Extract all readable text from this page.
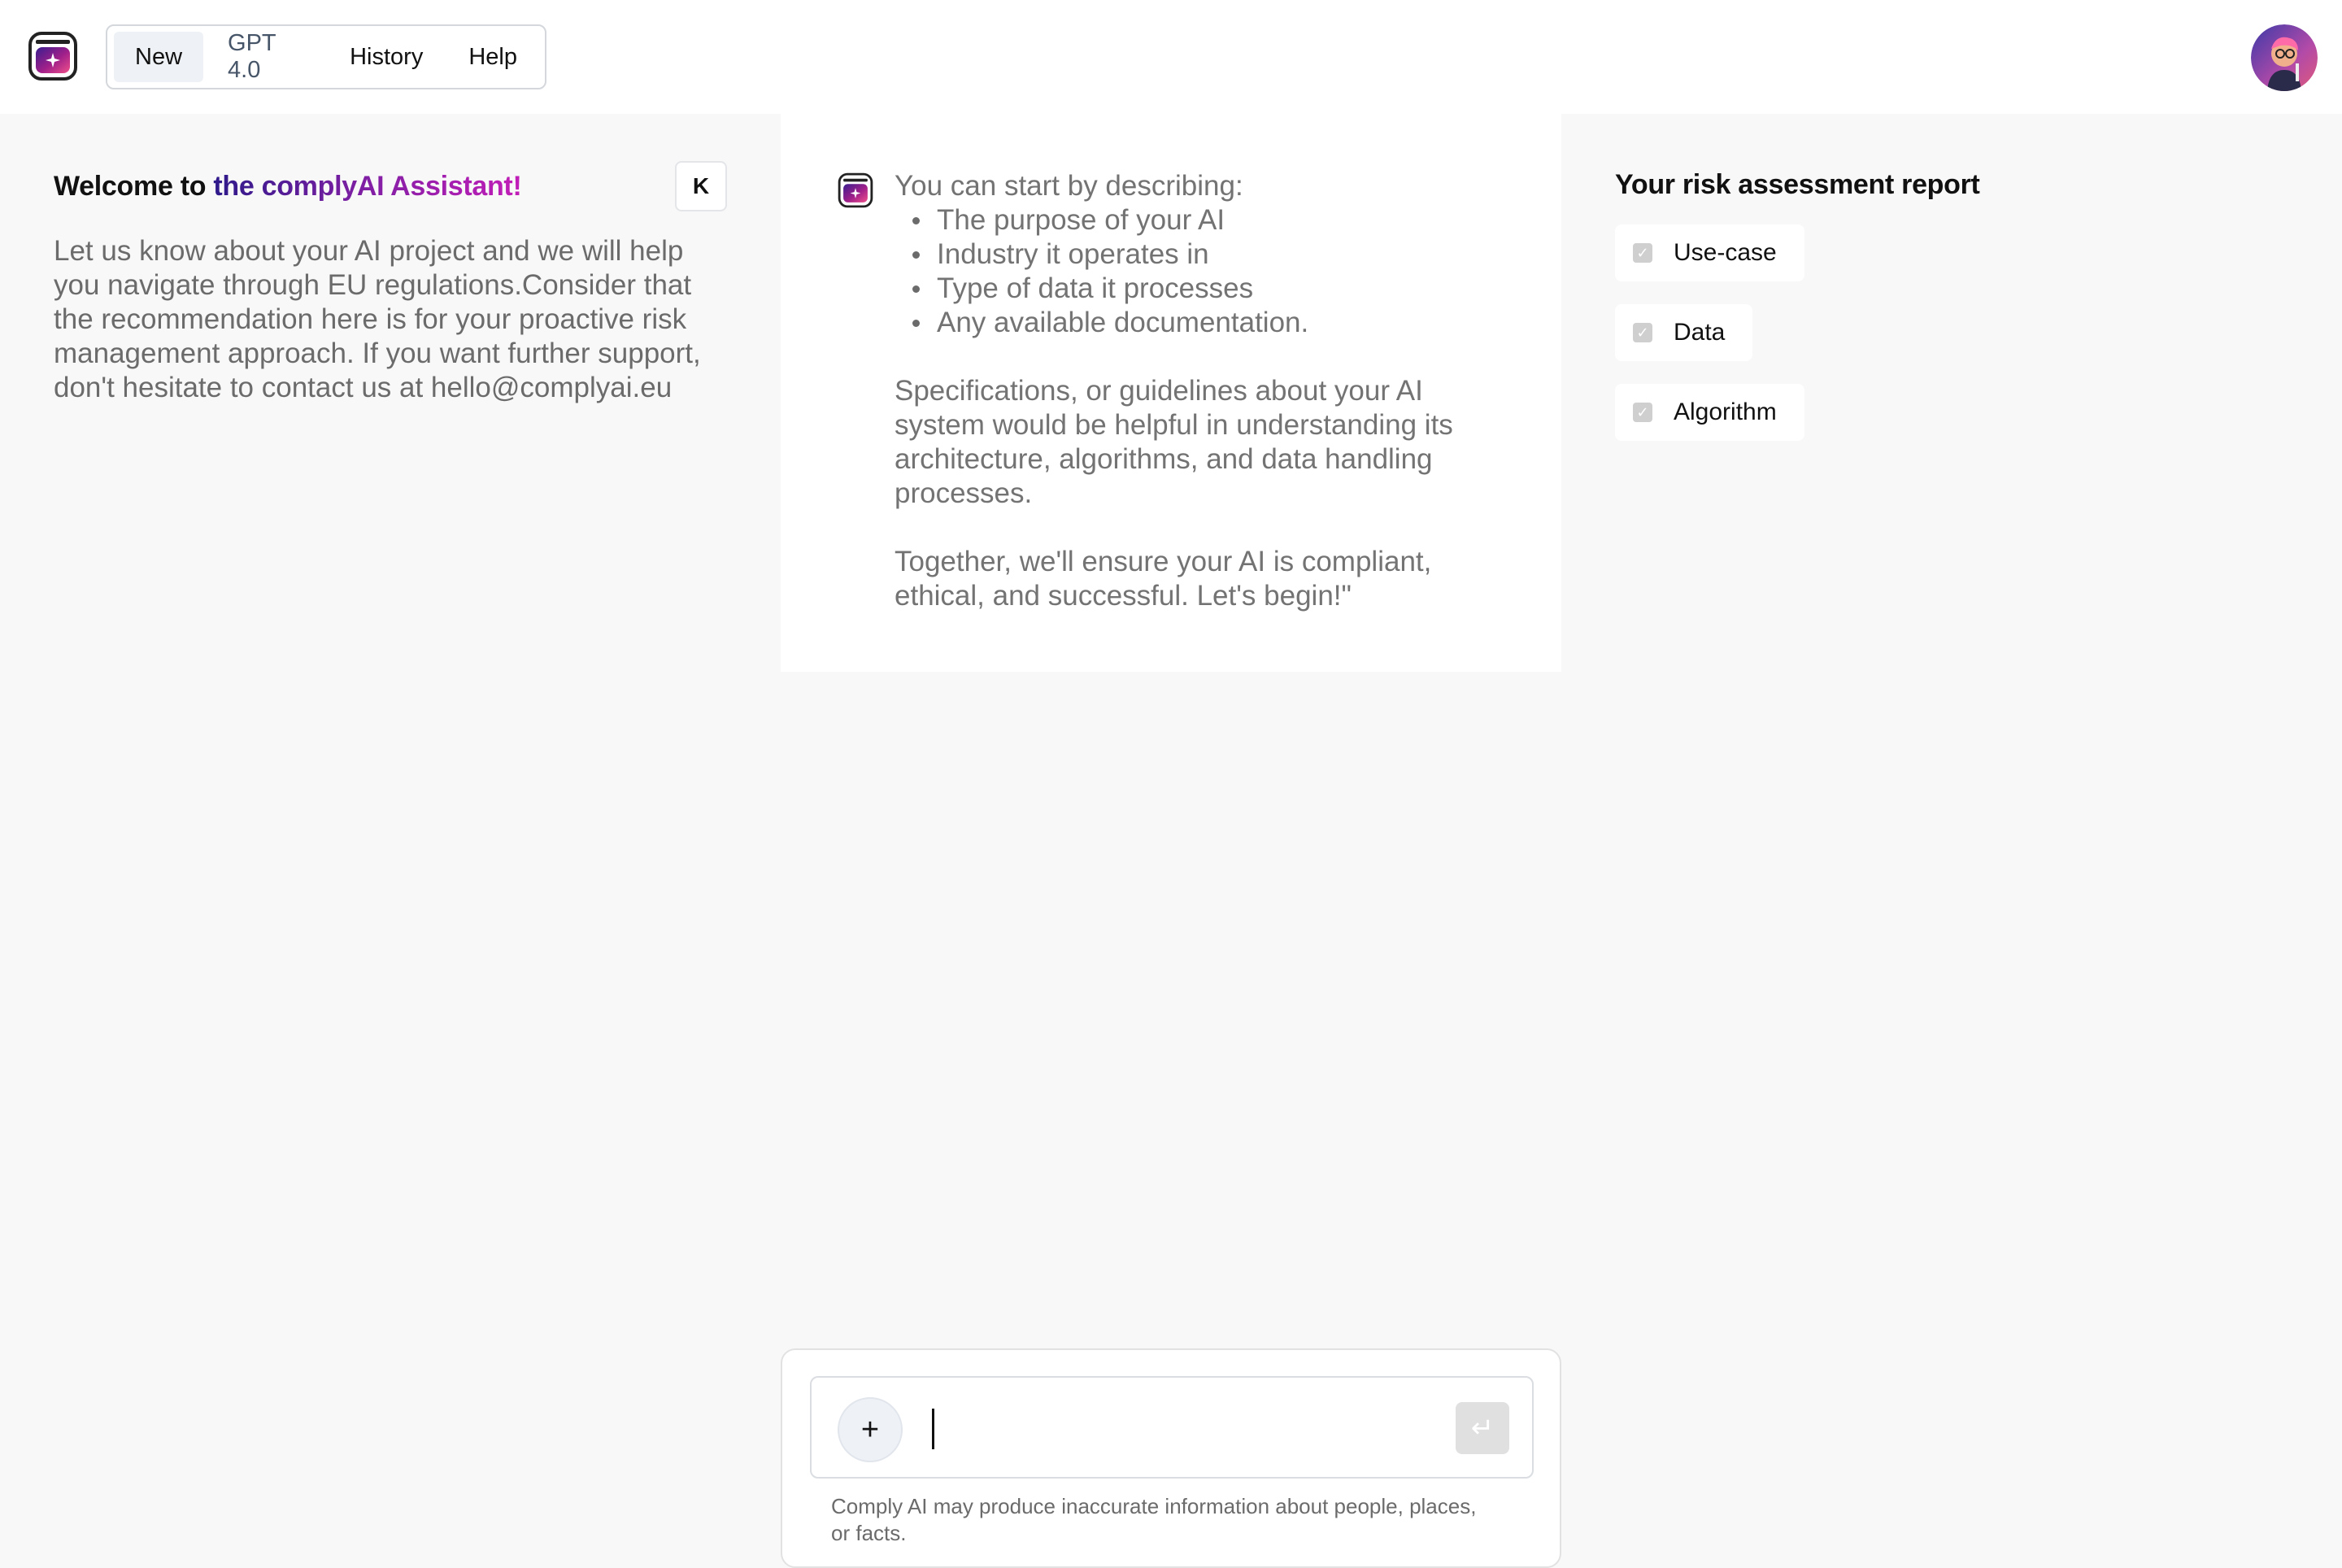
New
GPT 4.0
History	Help
Welcome to the complyAI Assistant!	K
Let us know about your AI project and we will help you navigate through EU regulations.Consider that the recommendation here is for your proactive risk management approach. If you want further support, don't hesitate to contact us at hello@complyai.eu
You can start by describing:
The purpose of your AI
Industry it operates in
Type of data it processes
Any available documentation.

Specifications, or guidelines about your AI system would be helpful in understanding its architecture, algorithms, and data handling processes.

Together, we'll ensure your AI is compliant, ethical, and successful. Let's begin!"

Your risk assessment report
✓ Use-case
✓ Data
✓ Algorithm
+	↵
Comply AI may produce inaccurate information about people, places, or facts.
